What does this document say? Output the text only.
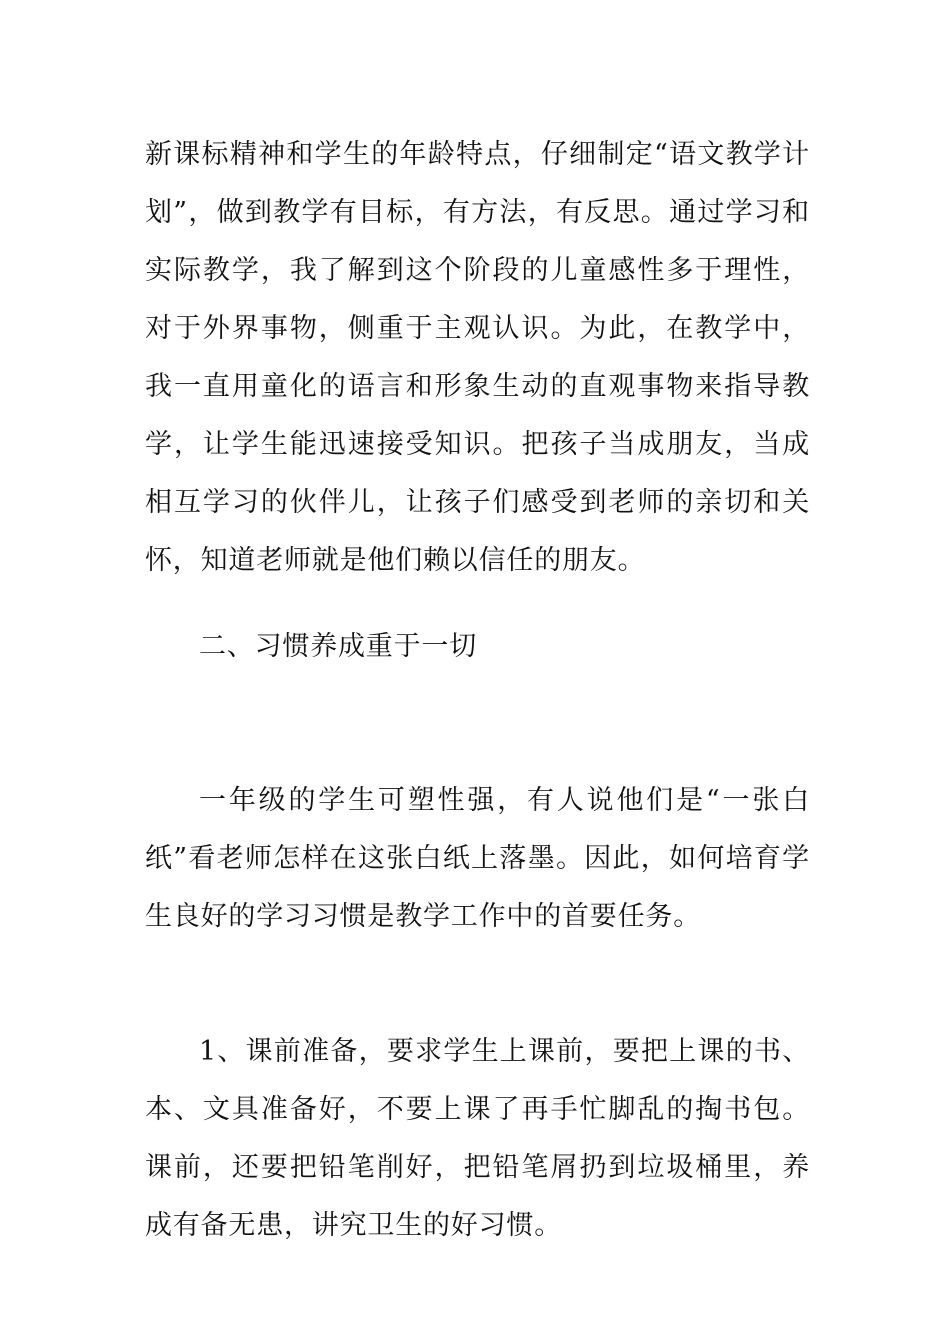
新课标精神和学生的年龄特点，仔细制定“语文教学计划”，做到教学有目标，有方法，有反思。通过学习和实际教学，我了解到这个阶段的儿童感性多于理性，对于外界事物，侧重于主观认识。为此，在教学中，我一直用童化的语言和形象生动的直观事物来指导教学，让学生能迅速接受知识。把孩子当成朋友，当成相互学习的伙伴儿，让孩子们感受到老师的亲切和关怀，知道老师就是他们赖以信任的朋友。

二、习惯养成重于一切

一年级的学生可塑性强，有人说他们是“一张白纸”看老师怎样在这张白纸上落墨。因此，如何培育学生良好的学习习惯是教学工作中的首要任务。

1、课前准备，要求学生上课前，要把上课的书、本、文具准备好，不要上课了再手忙脚乱的掏书包。课前，还要把铅笔削好，把铅笔屑扔到垃圾桶里，养成有备无患，讲究卫生的好习惯。
